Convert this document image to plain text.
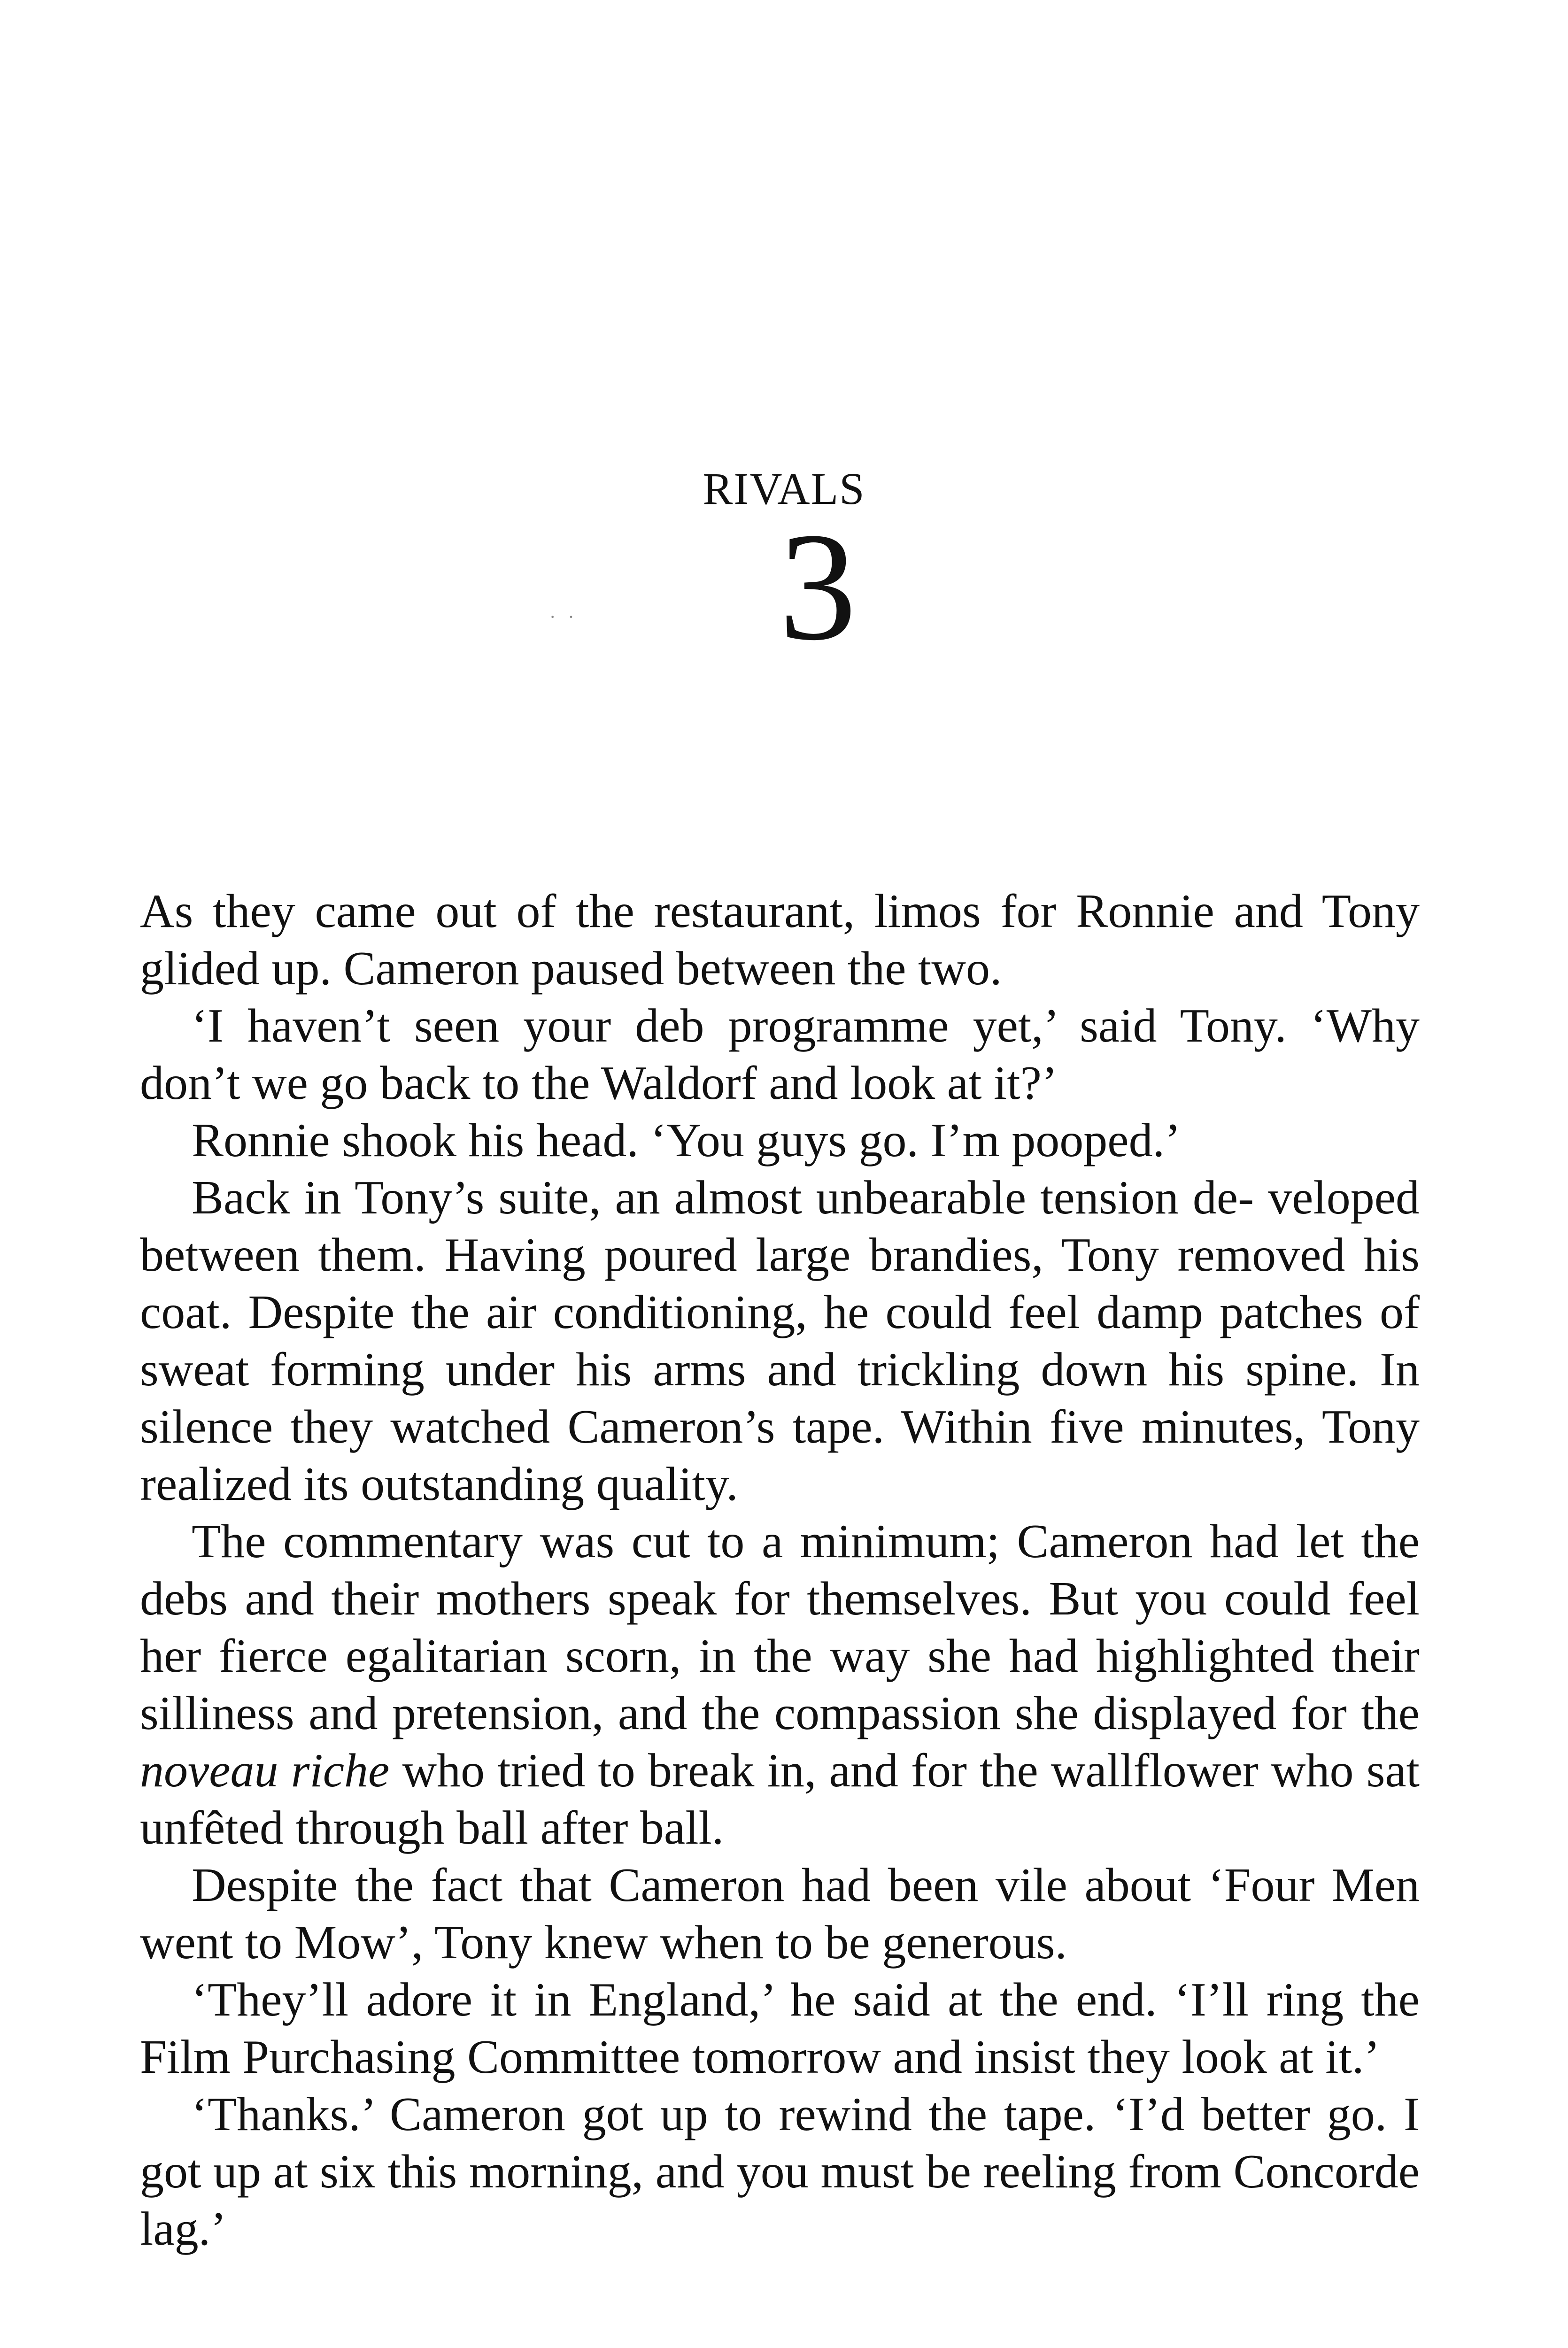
RIVALS
· ·	3

As they came out of the restaurant, limos for Ronnie and Tony glided up. Cameron paused between the two.

‘I haven’t seen your deb programme yet,’ said Tony. ‘Why don’t we go back to the Waldorf and look at it?’

Ronnie shook his head. ‘You guys go. I’m pooped.’

Back in Tony’s suite, an almost unbearable tension de- veloped between them. Having poured large brandies, Tony removed his coat. Despite the air conditioning, he could feel damp patches of sweat forming under his arms and trickling down his spine. In silence they watched Cameron’s tape. Within five minutes, Tony realized its outstanding quality.

The commentary was cut to a minimum; Cameron had let the debs and their mothers speak for themselves. But you could feel her fierce egalitarian scorn, in the way she had highlighted their silliness and pretension, and the compassion she displayed for the noveau riche who tried to break in, and for the wallflower who sat unfêted through ball after ball.

Despite the fact that Cameron had been vile about ‘Four Men went to Mow’, Tony knew when to be generous.

‘They’ll adore it in England,’ he said at the end. ‘I’ll ring the Film Purchasing Committee tomorrow and insist they look at it.’

‘Thanks.’ Cameron got up to rewind the tape. ‘I’d better go. I got up at six this morning, and you must be reeling from Concorde lag.’
